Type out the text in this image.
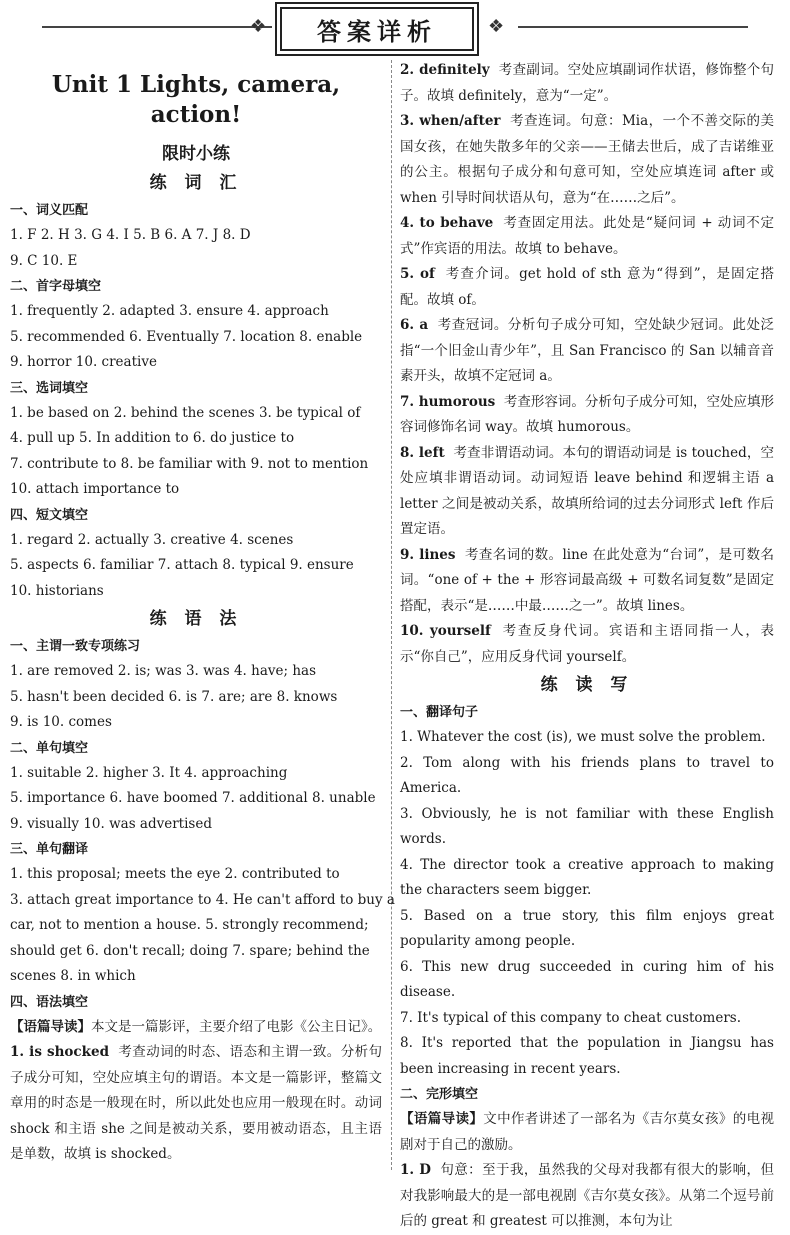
❖ 答案详析	❖
Unit 1 Lights, camera, action!
限时小练
练 词 汇
一、词义匹配
1. F 2. H 3. G 4. I 5. B 6. A 7. J 8. D
9. C 10. E
二、首字母填空
1. frequently 2. adapted 3. ensure 4. approach
5. recommended 6. Eventually 7. location 8. enable
9. horror 10. creative
三、选词填空
1. be based on 2. behind the scenes 3. be typical of
4. pull up 5. In addition to 6. do justice to
7. contribute to 8. be familiar with 9. not to mention
10. attach importance to
四、短文填空
1. regard 2. actually 3. creative 4. scenes
5. aspects 6. familiar 7. attach 8. typical 9. ensure
10. historians
练 语 法
一、主谓一致专项练习
1. are removed 2. is; was 3. was 4. have; has
5. hasn't been decided 6. is 7. are; are 8. knows
9. is 10. comes
二、单句填空
1. suitable 2. higher 3. It 4. approaching
5. importance 6. have boomed 7. additional 8. unable
9. visually 10. was advertised
三、单句翻译
1. this proposal; meets the eye 2. contributed to
3. attach great importance to 4. He can't afford to buy a
car, not to mention a house. 5. strongly recommend;
should get 6. don't recall; doing 7. spare; behind the
scenes 8. in which
四、语法填空

【语篇导读】本文是一篇影评，主要介绍了电影《公主日记》。

1. is shocked 考查动词的时态、语态和主谓一致。分析句子成分可知，空处应填主句的谓语。本文是一篇影评，整篇文章用的时态是一般现在时，所以此处也应用一般现在时。动词 shock 和主语 she 之间是被动关系，要用被动语态，且主语是单数，故填 is shocked。

2. definitely 考查副词。空处应填副词作状语，修饰整个句子。故填 definitely，意为“一定”。

3. when/after 考查连词。句意：Mia，一个不善交际的美国女孩，在她失散多年的父亲——王储去世后，成了吉诺维亚的公主。根据句子成分和句意可知，空处应填连词 after 或 when 引导时间状语从句，意为“在……之后”。

4. to behave 考查固定用法。此处是“疑问词 + 动词不定式”作宾语的用法。故填 to behave。

5. of 考查介词。get hold of sth 意为“得到”，是固定搭配。故填 of。

6. a 考查冠词。分析句子成分可知，空处缺少冠词。此处泛指“一个旧金山青少年”，且 San Francisco 的 San 以辅音音素开头，故填不定冠词 a。

7. humorous 考查形容词。分析句子成分可知，空处应填形容词修饰名词 way。故填 humorous。

8. left 考查非谓语动词。本句的谓语动词是 is touched，空处应填非谓语动词。动词短语 leave behind 和逻辑主语 a letter 之间是被动关系，故填所给词的过去分词形式 left 作后置定语。

9. lines 考查名词的数。line 在此处意为“台词”，是可数名词。“one of + the + 形容词最高级 + 可数名词复数”是固定搭配，表示“是……中最……之一”。故填 lines。

10. yourself 考查反身代词。宾语和主语同指一人，表示“你自己”，应用反身代词 yourself。

练 读 写
一、翻译句子

1. Whatever the cost (is), we must solve the problem.

2. Tom along with his friends plans to travel to America.

3. Obviously, he is not familiar with these English words.

4. The director took a creative approach to making the characters seem bigger.

5. Based on a true story, this film enjoys great popularity among people.

6. This new drug succeeded in curing him of his disease.

7. It's typical of this company to cheat customers.

8. It's reported that the population in Jiangsu has been increasing in recent years.

二、完形填空

【语篇导读】文中作者讲述了一部名为《吉尔莫女孩》的电视剧对于自己的激励。

1. D 句意：至于我，虽然我的父母对我都有很大的影响，但对我影响最大的是一部电视剧《吉尔莫女孩》。从第二个逗号前后的 great 和 greatest 可以推测，本句为让
